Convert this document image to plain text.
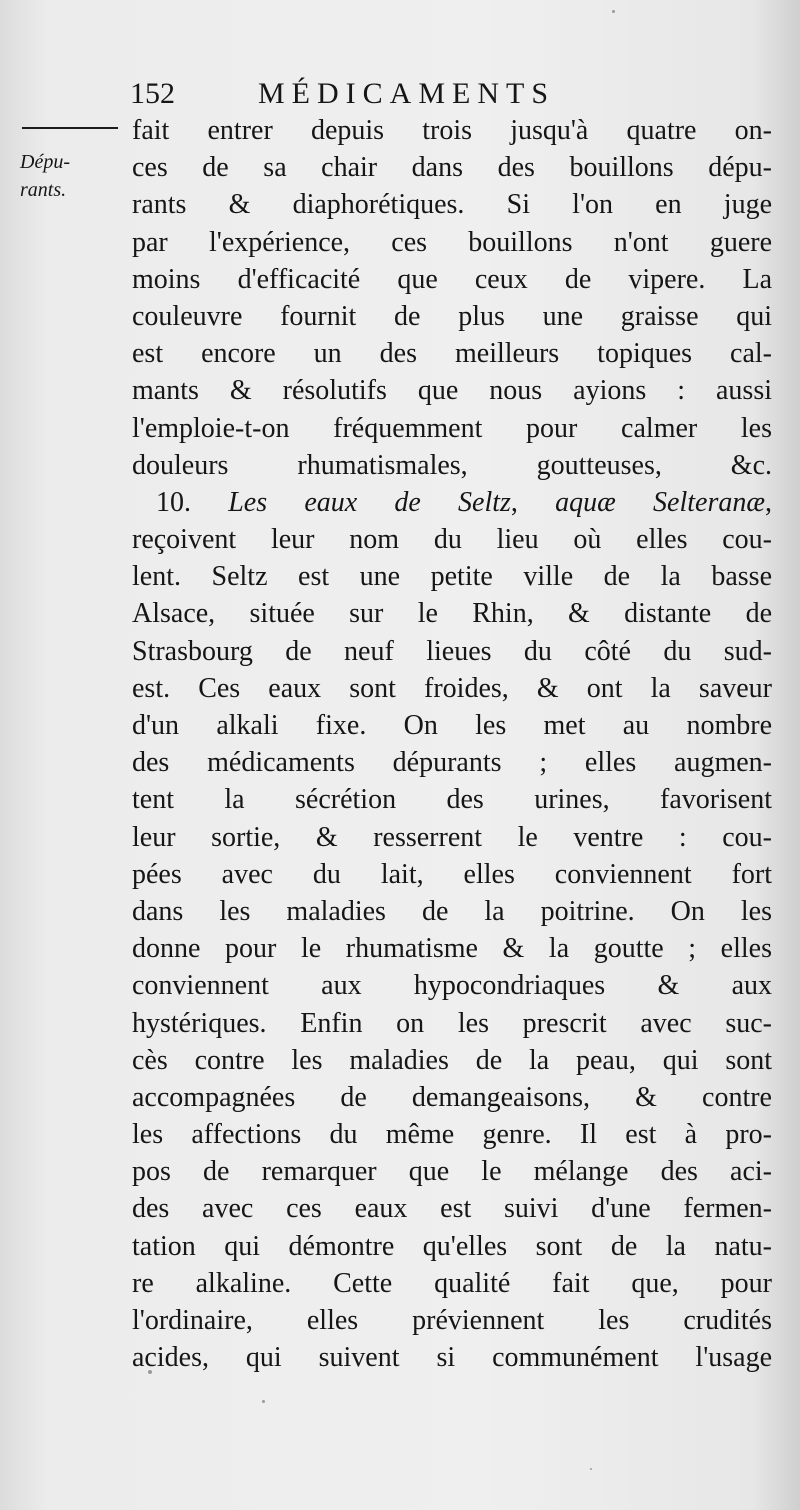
152	MÉDICAMENTS
Dépu-
rants.
fait entrer depuis trois jusqu'à quatre on-
ces de sa chair dans des bouillons dépu-
rants & diaphorétiques. Si l'on en juge
par l'expérience, ces bouillons n'ont guere
moins d'efficacité que ceux de vipere. La
couleuvre fournit de plus une graisse qui
est encore un des meilleurs topiques cal-
mants & résolutifs que nous ayions : aussi
l'emploie-t-on fréquemment pour calmer les
douleurs rhumatismales, goutteuses, &c.
10. Les eaux de Seltz, aquæ Selteranæ,
reçoivent leur nom du lieu où elles cou-
lent. Seltz est une petite ville de la basse
Alsace, située sur le Rhin, & distante de
Strasbourg de neuf lieues du côté du sud-
est. Ces eaux sont froides, & ont la saveur
d'un alkali fixe. On les met au nombre
des médicaments dépurants ; elles augmen-
tent la sécrétion des urines, favorisent
leur sortie, & resserrent le ventre : cou-
pées avec du lait, elles conviennent fort
dans les maladies de la poitrine. On les
donne pour le rhumatisme & la goutte ; elles
conviennent aux hypocondriaques & aux
hystériques. Enfin on les prescrit avec suc-
cès contre les maladies de la peau, qui sont
accompagnées de demangeaisons, & contre
les affections du même genre. Il est à pro-
pos de remarquer que le mélange des aci-
des avec ces eaux est suivi d'une fermen-
tation qui démontre qu'elles sont de la natu-
re alkaline. Cette qualité fait que, pour
l'ordinaire, elles préviennent les crudités
acides, qui suivent si communément l'usage
